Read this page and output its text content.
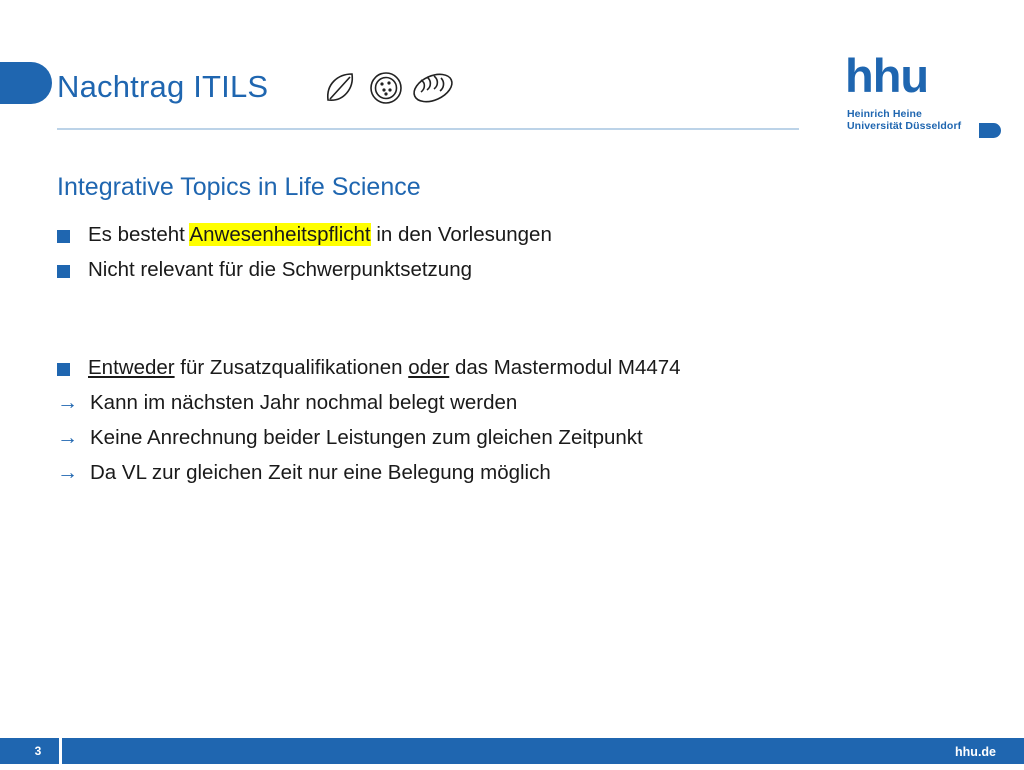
Nachtrag ITILS	hhu
Heinrich Heine
Universität Düsseldorf
Integrative Topics in Life Science
Es besteht Anwesenheitspflicht in den Vorlesungen
Nicht relevant für die Schwerpunktsetzung
Entweder für Zusatzqualifikationen oder das Mastermodul M4474
→ Kann im nächsten Jahr nochmal belegt werden
→ Keine Anrechnung beider Leistungen zum gleichen Zeitpunkt
→ Da VL zur gleichen Zeit nur eine Belegung möglich
3	hhu.de
